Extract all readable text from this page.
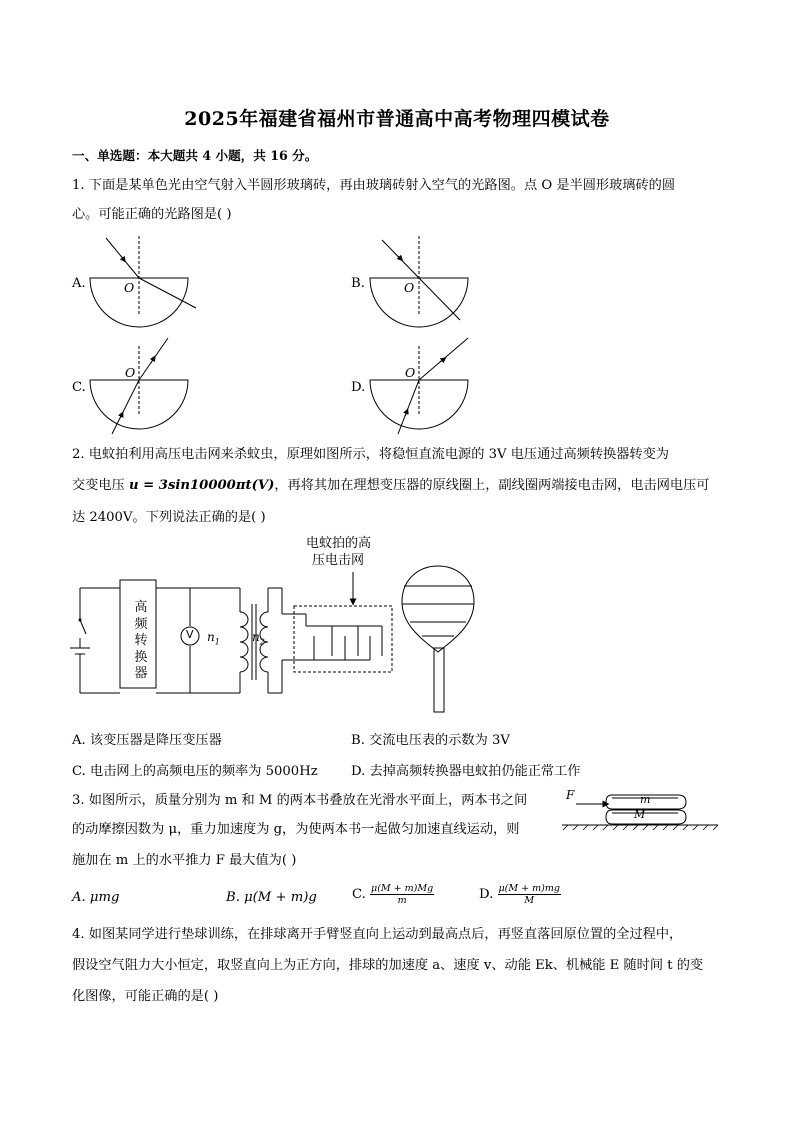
2025年福建省福州市普通高中高考物理四模试卷
一、单选题：本大题共 4 小题，共 16 分。
1. 下面是某单色光由空气射入半圆形玻璃砖，再由玻璃砖射入空气的光路图。点 O 是半圆形玻璃砖的圆
心。可能正确的光路图是( )
A.	B.
C.	D.
O	O
O	O
2. 电蚊拍利用高压电击网来杀蚊虫，原理如图所示，将稳恒直流电源的 3V 电压通过高频转换器转变为
交变电压 u = 3sin10000πt(V)，再将其加在理想变压器的原线圈上，副线圈两端接电击网，电击网电压可
达 2400V。下列说法正确的是( )
电蚊拍的高
压电击网
高
频
转
换
器
V $n_1$	$n_2$
A. 该变压器是降压变压器	B. 交流电压表的示数为 3V
C. 电击网上的高频电压的频率为 5000Hz	D. 去掉高频转换器电蚊拍仍能正常工作
3. 如图所示，质量分别为 m 和 M 的两本书叠放在光滑水平面上，两本书之间
的动摩擦因数为 μ，重力加速度为 g，为使两本书一起做匀加速直线运动，则
施加在 m 上的水平推力 F 最大值为( )
F	m
M
A. μmg	B. μ(M + m)g	C. $\frac{\mu(M + m)Mg}{m}$	D. $\frac{\mu(M + m)mg}{M}$
4. 如图某同学进行垫球训练，在排球离开手臂竖直向上运动到最高点后，再竖直落回原位置的全过程中，
假设空气阻力大小恒定，取竖直向上为正方向，排球的加速度 a、速度 v、动能 Ek、机械能 E 随时间 t 的变
化图像，可能正确的是( )
